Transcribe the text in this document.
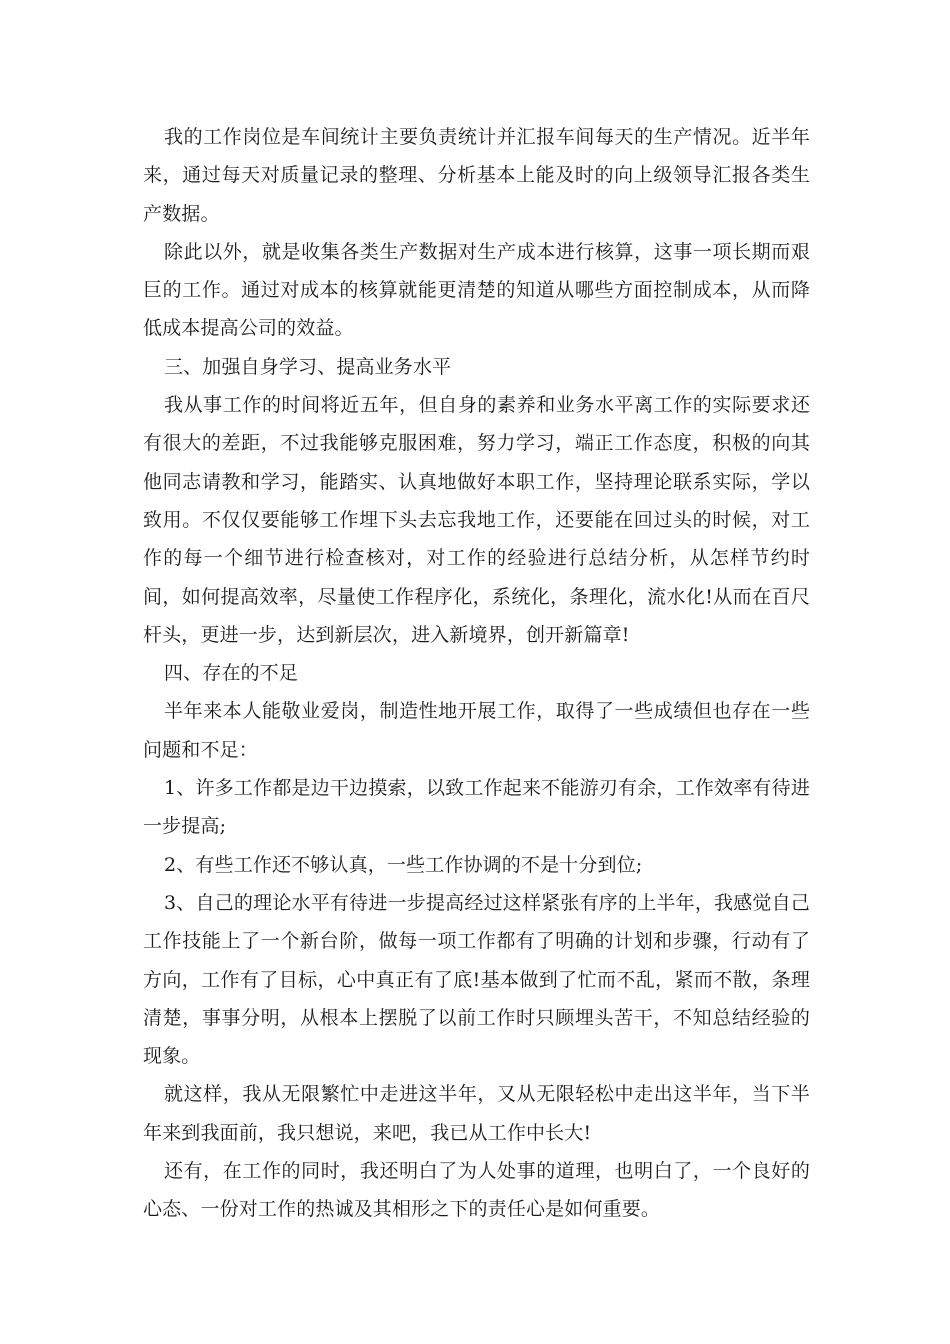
我的工作岗位是车间统计主要负责统计并汇报车间每天的生产情况。近半年来，通过每天对质量记录的整理、分析基本上能及时的向上级领导汇报各类生产数据。

除此以外，就是收集各类生产数据对生产成本进行核算，这事一项长期而艰巨的工作。通过对成本的核算就能更清楚的知道从哪些方面控制成本，从而降低成本提高公司的效益。

三、加强自身学习、提高业务水平

我从事工作的时间将近五年，但自身的素养和业务水平离工作的实际要求还有很大的差距，不过我能够克服困难，努力学习，端正工作态度，积极的向其他同志请教和学习，能踏实、认真地做好本职工作，坚持理论联系实际，学以致用。不仅仅要能够工作埋下头去忘我地工作，还要能在回过头的时候，对工作的每一个细节进行检查核对，对工作的经验进行总结分析，从怎样节约时间，如何提高效率，尽量使工作程序化，系统化，条理化，流水化!从而在百尺杆头，更进一步，达到新层次，进入新境界，创开新篇章!

四、存在的不足

半年来本人能敬业爱岗，制造性地开展工作，取得了一些成绩但也存在一些问题和不足：

1、许多工作都是边干边摸索，以致工作起来不能游刃有余，工作效率有待进一步提高;

2、有些工作还不够认真，一些工作协调的不是十分到位;

3、自己的理论水平有待进一步提高经过这样紧张有序的上半年，我感觉自己工作技能上了一个新台阶，做每一项工作都有了明确的计划和步骤，行动有了方向，工作有了目标，心中真正有了底!基本做到了忙而不乱，紧而不散，条理清楚，事事分明，从根本上摆脱了以前工作时只顾埋头苦干，不知总结经验的现象。

就这样，我从无限繁忙中走进这半年，又从无限轻松中走出这半年，当下半年来到我面前，我只想说，来吧，我已从工作中长大!

还有，在工作的同时，我还明白了为人处事的道理，也明白了，一个良好的心态、一份对工作的热诚及其相形之下的责任心是如何重要。
